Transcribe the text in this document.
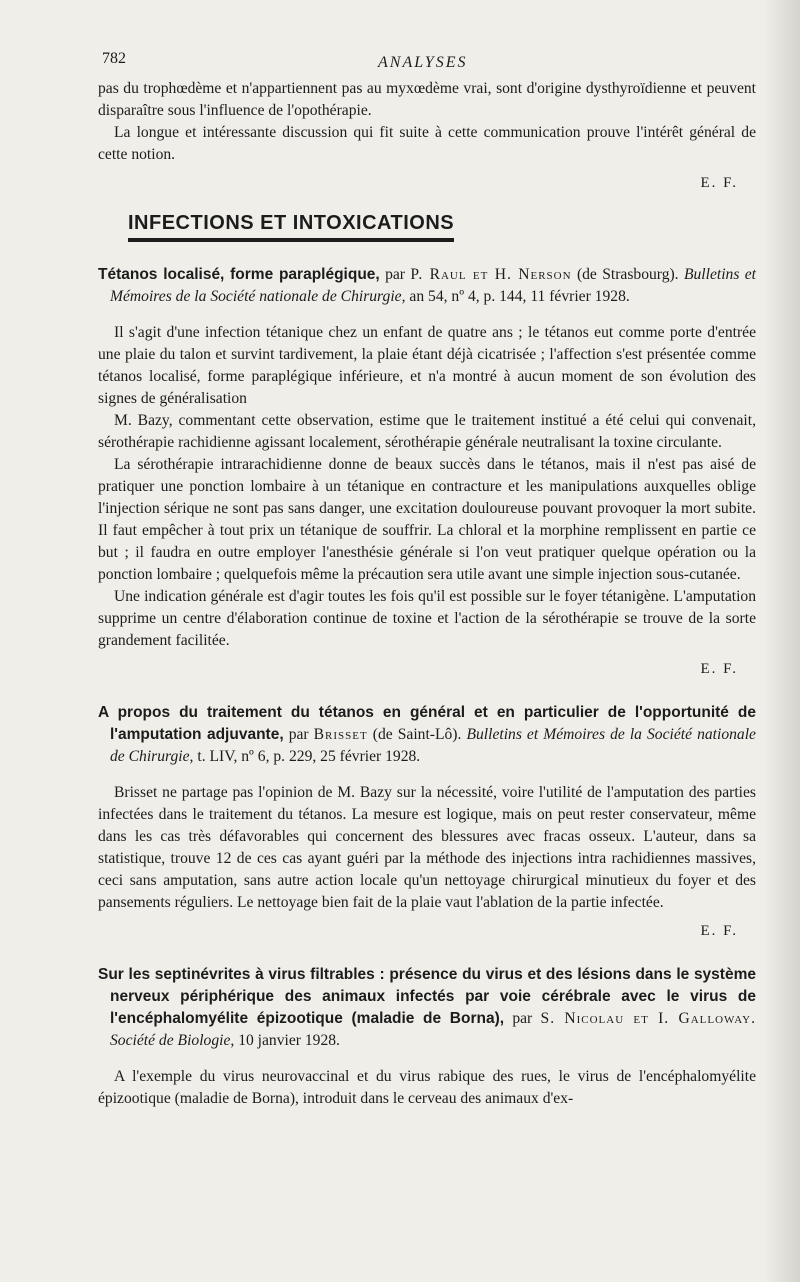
782	ANALYSES

pas du trophœdème et n'appartiennent pas au myxœdème vrai, sont d'origine dysthyroïdienne et peuvent disparaître sous l'influence de l'opothérapie.

La longue et intéressante discussion qui fit suite à cette communication prouve l'intérêt général de cette notion.

E. F.
INFECTIONS ET INTOXICATIONS
Tétanos localisé, forme paraplégique, par P. Raul et H. Nerson (de Strasbourg). Bulletins et Mémoires de la Société nationale de Chirurgie, an 54, nº 4, p. 144, 11 février 1928.

Il s'agit d'une infection tétanique chez un enfant de quatre ans ; le tétanos eut comme porte d'entrée une plaie du talon et survint tardivement, la plaie étant déjà cicatrisée ; l'affection s'est présentée comme tétanos localisé, forme paraplégique inférieure, et n'a montré à aucun moment de son évolution des signes de généralisation

M. Bazy, commentant cette observation, estime que le traitement institué a été celui qui convenait, sérothérapie rachidienne agissant localement, sérothérapie générale neutralisant la toxine circulante.

La sérothérapie intrarachidienne donne de beaux succès dans le tétanos, mais il n'est pas aisé de pratiquer une ponction lombaire à un tétanique en contracture et les manipulations auxquelles oblige l'injection sérique ne sont pas sans danger, une excitation douloureuse pouvant provoquer la mort subite. Il faut empêcher à tout prix un tétanique de souffrir. La chloral et la morphine remplissent en partie ce but ; il faudra en outre employer l'anesthésie générale si l'on veut pratiquer quelque opération ou la ponction lombaire ; quelquefois même la précaution sera utile avant une simple injection sous-cutanée.

Une indication générale est d'agir toutes les fois qu'il est possible sur le foyer tétanigène. L'amputation supprime un centre d'élaboration continue de toxine et l'action de la sérothérapie se trouve de la sorte grandement facilitée.

E. F.
A propos du traitement du tétanos en général et en particulier de l'opportunité de l'amputation adjuvante, par Brisset (de Saint-Lô). Bulletins et Mémoires de la Société nationale de Chirurgie, t. LIV, nº 6, p. 229, 25 février 1928.

Brisset ne partage pas l'opinion de M. Bazy sur la nécessité, voire l'utilité de l'amputation des parties infectées dans le traitement du tétanos. La mesure est logique, mais on peut rester conservateur, même dans les cas très défavorables qui concernent des blessures avec fracas osseux. L'auteur, dans sa statistique, trouve 12 de ces cas ayant guéri par la méthode des injections intra rachidiennes massives, ceci sans amputation, sans autre action locale qu'un nettoyage chirurgical minutieux du foyer et des pansements réguliers. Le nettoyage bien fait de la plaie vaut l'ablation de la partie infectée.

E. F.
Sur les septinévrites à virus filtrables : présence du virus et des lésions dans le système nerveux périphérique des animaux infectés par voie cérébrale avec le virus de l'encéphalomyélite épizootique (maladie de Borna), par S. Nicolau et I. Galloway. Société de Biologie, 10 janvier 1928.

A l'exemple du virus neurovaccinal et du virus rabique des rues, le virus de l'encéphalomyélite épizootique (maladie de Borna), introduit dans le cerveau des animaux d'ex-
